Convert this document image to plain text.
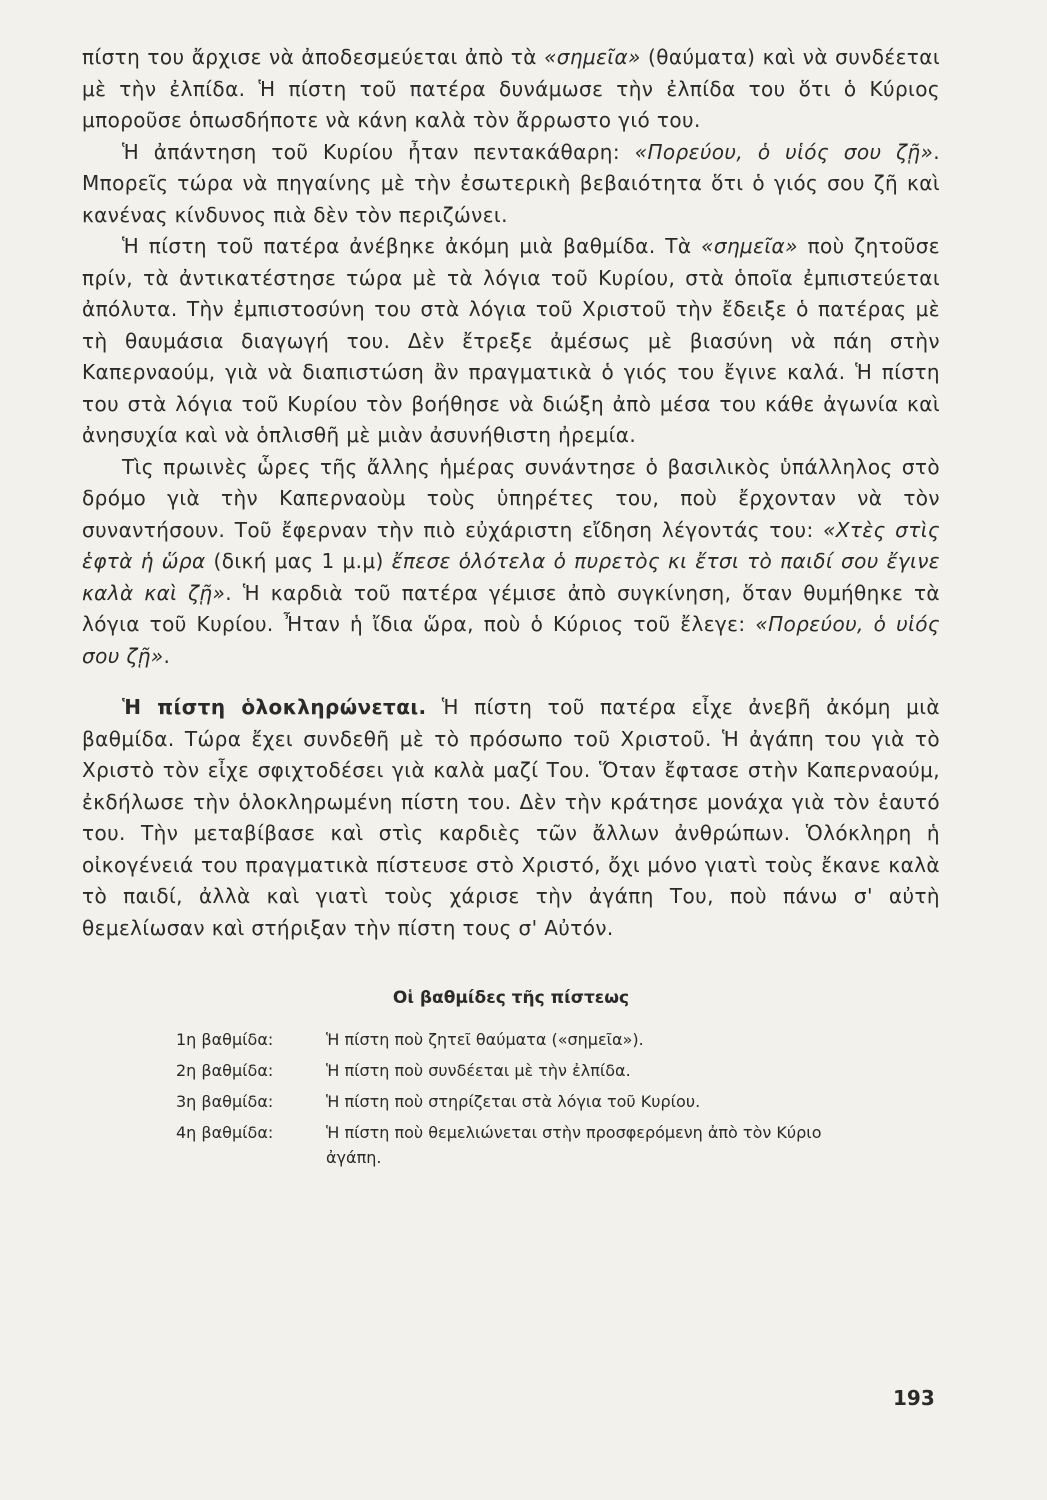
πίστη του ἄρχισε νὰ ἀποδεσμεύεται ἀπὸ τὰ «σημεῖα» (θαύματα) καὶ νὰ συνδέεται μὲ τὴν ἐλπίδα. Ἡ πίστη τοῦ πατέρα δυνάμωσε τὴν ἐλπίδα του ὅτι ὁ Κύριος μποροῦσε ὁπωσδήποτε νὰ κάνη καλὰ τὸν ἄρρωστο γιό του.

Ἡ ἀπάντηση τοῦ Κυρίου ἦταν πεντακάθαρη: «Πορεύου, ὁ υἱός σου ζῇ». Μπορεῖς τώρα νὰ πηγαίνης μὲ τὴν ἐσωτερικὴ βεβαιότητα ὅτι ὁ γιός σου ζῆ καὶ κανένας κίνδυνος πιὰ δὲν τὸν περιζώνει.

Ἡ πίστη τοῦ πατέρα ἀνέβηκε ἀκόμη μιὰ βαθμίδα. Τὰ «σημεῖα» ποὺ ζητοῦσε πρίν, τὰ ἀντικατέστησε τώρα μὲ τὰ λόγια τοῦ Κυρίου, στὰ ὁποῖα ἐμπιστεύεται ἀπόλυτα. Τὴν ἐμπιστοσύνη του στὰ λόγια τοῦ Χριστοῦ τὴν ἔδειξε ὁ πατέρας μὲ τὴ θαυμάσια διαγωγή του. Δὲν ἔτρεξε ἀμέσως μὲ βιασύνη νὰ πάη στὴν Καπερναούμ, γιὰ νὰ διαπιστώση ἂν πραγματικὰ ὁ γιός του ἔγινε καλά. Ἡ πίστη του στὰ λόγια τοῦ Κυρίου τὸν βοήθησε νὰ διώξη ἀπὸ μέσα του κάθε ἀγωνία καὶ ἀνησυχία καὶ νὰ ὁπλισθῆ μὲ μιὰν ἀσυνήθιστη ἠρεμία.

Τὶς πρωινὲς ὧρες τῆς ἄλλης ἡμέρας συνάντησε ὁ βασιλικὸς ὑπάλληλος στὸ δρόμο γιὰ τὴν Καπερναοὺμ τοὺς ὑπηρέτες του, ποὺ ἔρχονταν νὰ τὸν συναντήσουν. Τοῦ ἔφερναν τὴν πιὸ εὐχάριστη εἴδηση λέγοντάς του: «Χτὲς στὶς ἑφτὰ ἡ ὥρα (δική μας 1 μ.μ) ἔπεσε ὁλότελα ὁ πυρετὸς κι ἔτσι τὸ παιδί σου ἔγινε καλὰ καὶ ζῇ». Ἡ καρδιὰ τοῦ πατέρα γέμισε ἀπὸ συγκίνηση, ὅταν θυμήθηκε τὰ λόγια τοῦ Κυρίου. Ἦταν ἡ ἴδια ὥρα, ποὺ ὁ Κύριος τοῦ ἔλεγε: «Πορεύου, ὁ υἱός σου ζῇ».

Ἡ πίστη ὁλοκληρώνεται. Ἡ πίστη τοῦ πατέρα εἶχε ἀνεβῆ ἀκόμη μιὰ βαθμίδα. Τώρα ἔχει συνδεθῆ μὲ τὸ πρόσωπο τοῦ Χριστοῦ. Ἡ ἀγάπη του γιὰ τὸ Χριστὸ τὸν εἶχε σφιχτοδέσει γιὰ καλὰ μαζί Του. Ὅταν ἔφτασε στὴν Καπερναούμ, ἐκδήλωσε τὴν ὁλοκληρωμένη πίστη του. Δὲν τὴν κράτησε μονάχα γιὰ τὸν ἑαυτό του. Τὴν μεταβίβασε καὶ στὶς καρδιὲς τῶν ἄλλων ἀνθρώπων. Ὁλόκληρη ἡ οἰκογένειά του πραγματικὰ πίστευσε στὸ Χριστό, ὄχι μόνο γιατὶ τοὺς ἔκανε καλὰ τὸ παιδί, ἀλλὰ καὶ γιατὶ τοὺς χάρισε τὴν ἀγάπη Του, ποὺ πάνω σ' αὐτὴ θεμελίωσαν καὶ στήριξαν τὴν πίστη τους σ' Αὐτόν.

Οἱ βαθμίδες τῆς πίστεως
1η βαθμίδα:	Ἡ πίστη ποὺ ζητεῖ θαύματα («σημεῖα»).
2η βαθμίδα:	Ἡ πίστη ποὺ συνδέεται μὲ τὴν ἐλπίδα.
3η βαθμίδα:	Ἡ πίστη ποὺ στηρίζεται στὰ λόγια τοῦ Κυρίου.
4η βαθμίδα:	Ἡ πίστη ποὺ θεμελιώνεται στὴν προσφερόμενη ἀπὸ τὸν Κύριο ἀγάπη.
193
